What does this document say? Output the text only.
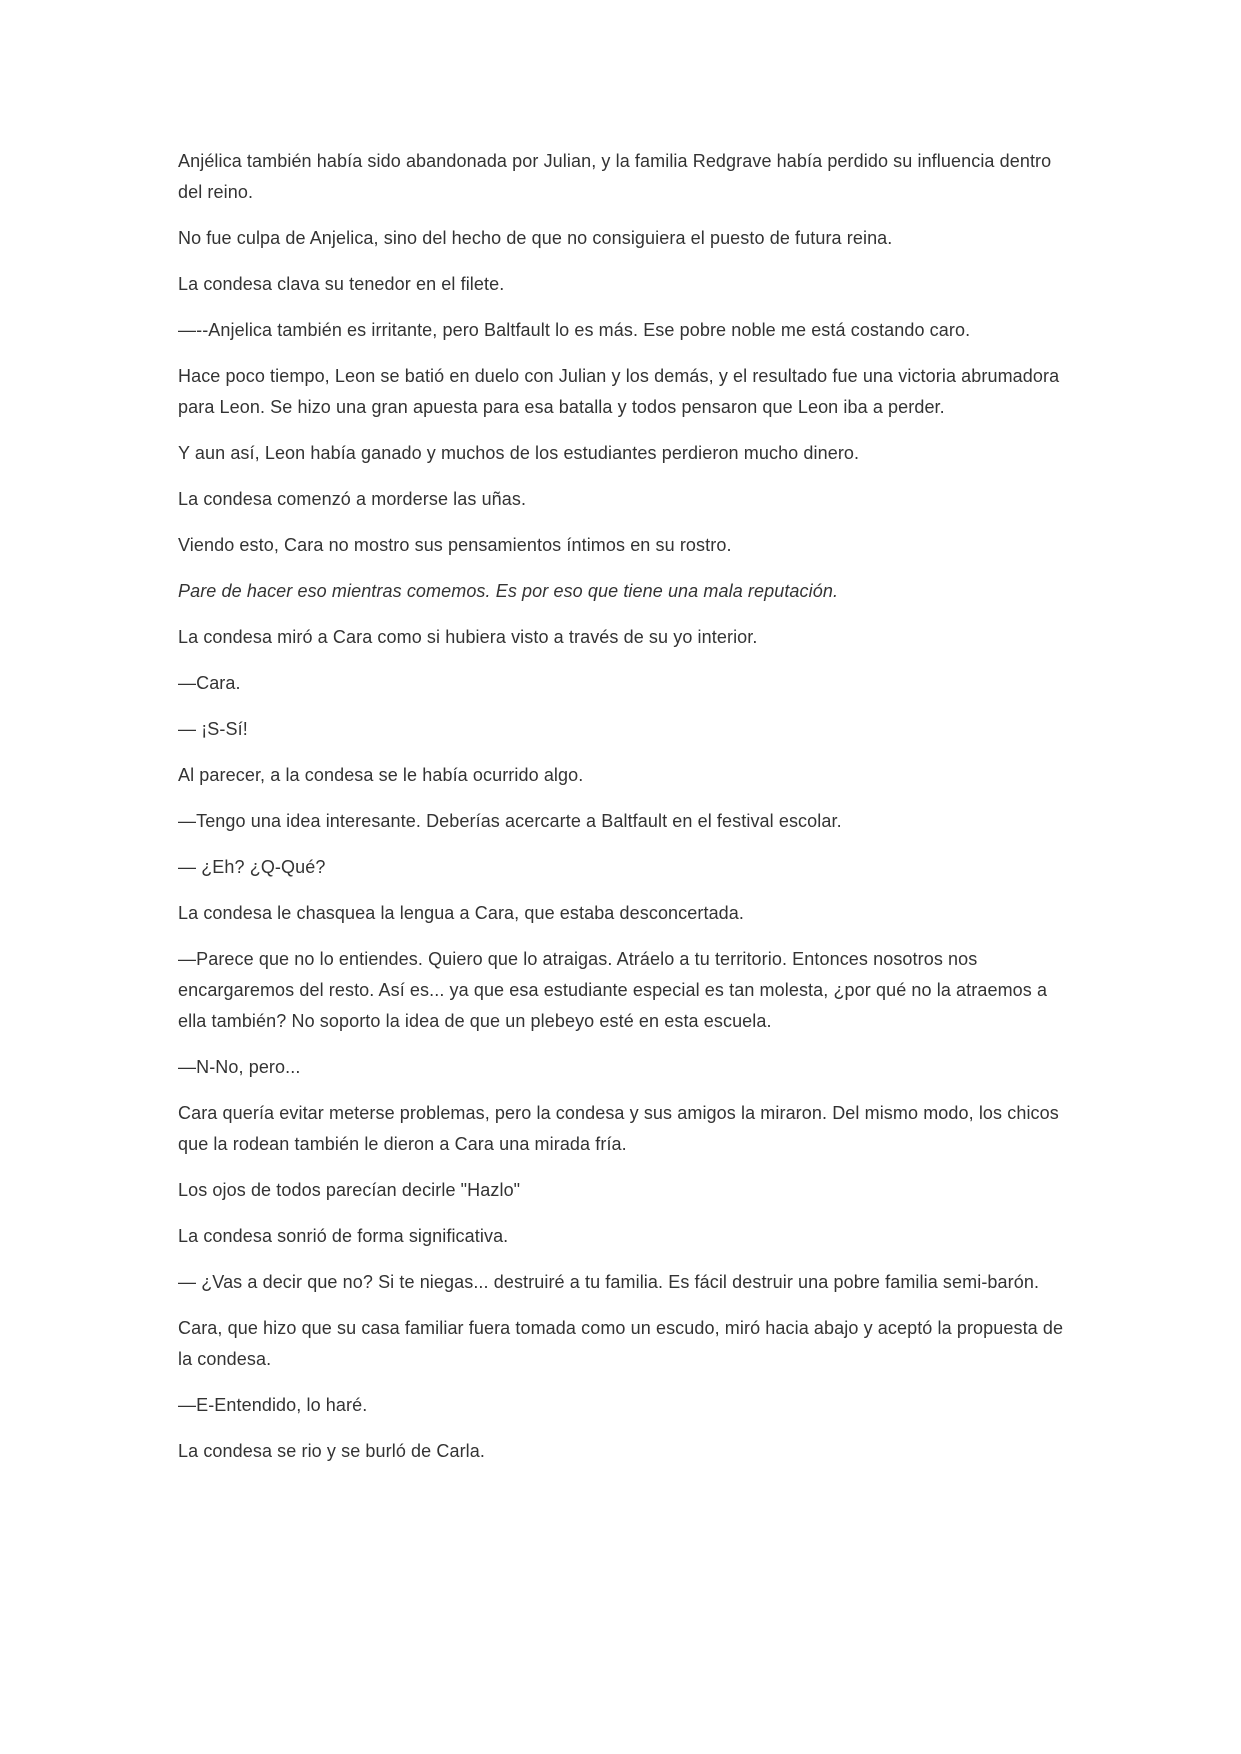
Anjélica también había sido abandonada por Julian, y la familia Redgrave había perdido su influencia dentro del reino.

No fue culpa de Anjelica, sino del hecho de que no consiguiera el puesto de futura reina.

La condesa clava su tenedor en el filete.

—--Anjelica también es irritante, pero Baltfault lo es más. Ese pobre noble me está costando caro.

Hace poco tiempo, Leon se batió en duelo con Julian y los demás, y el resultado fue una victoria abrumadora para Leon. Se hizo una gran apuesta para esa batalla y todos pensaron que Leon iba a perder.

Y aun así, Leon había ganado y muchos de los estudiantes perdieron mucho dinero.

La condesa comenzó a morderse las uñas.

Viendo esto, Cara no mostro sus pensamientos íntimos en su rostro.

Pare de hacer eso mientras comemos. Es por eso que tiene una mala reputación.

La condesa miró a Cara como si hubiera visto a través de su yo interior.

—Cara.

— ¡S-Sí!

Al parecer, a la condesa se le había ocurrido algo.

—Tengo una idea interesante. Deberías acercarte a Baltfault en el festival escolar.

— ¿Eh? ¿Q-Qué?

La condesa le chasquea la lengua a Cara, que estaba desconcertada.

—Parece que no lo entiendes. Quiero que lo atraigas. Atráelo a tu territorio. Entonces nosotros nos encargaremos del resto. Así es... ya que esa estudiante especial es tan molesta, ¿por qué no la atraemos a ella también? No soporto la idea de que un plebeyo esté en esta escuela.

—N-No, pero...

Cara quería evitar meterse problemas, pero la condesa y sus amigos la miraron. Del mismo modo, los chicos que la rodean también le dieron a Cara una mirada fría.

Los ojos de todos parecían decirle "Hazlo"

La condesa sonrió de forma significativa.

— ¿Vas a decir que no? Si te niegas... destruiré a tu familia. Es fácil destruir una pobre familia semi-barón.

Cara, que hizo que su casa familiar fuera tomada como un escudo, miró hacia abajo y aceptó la propuesta de la condesa.

—E-Entendido, lo haré.

La condesa se rio y se burló de Carla.
